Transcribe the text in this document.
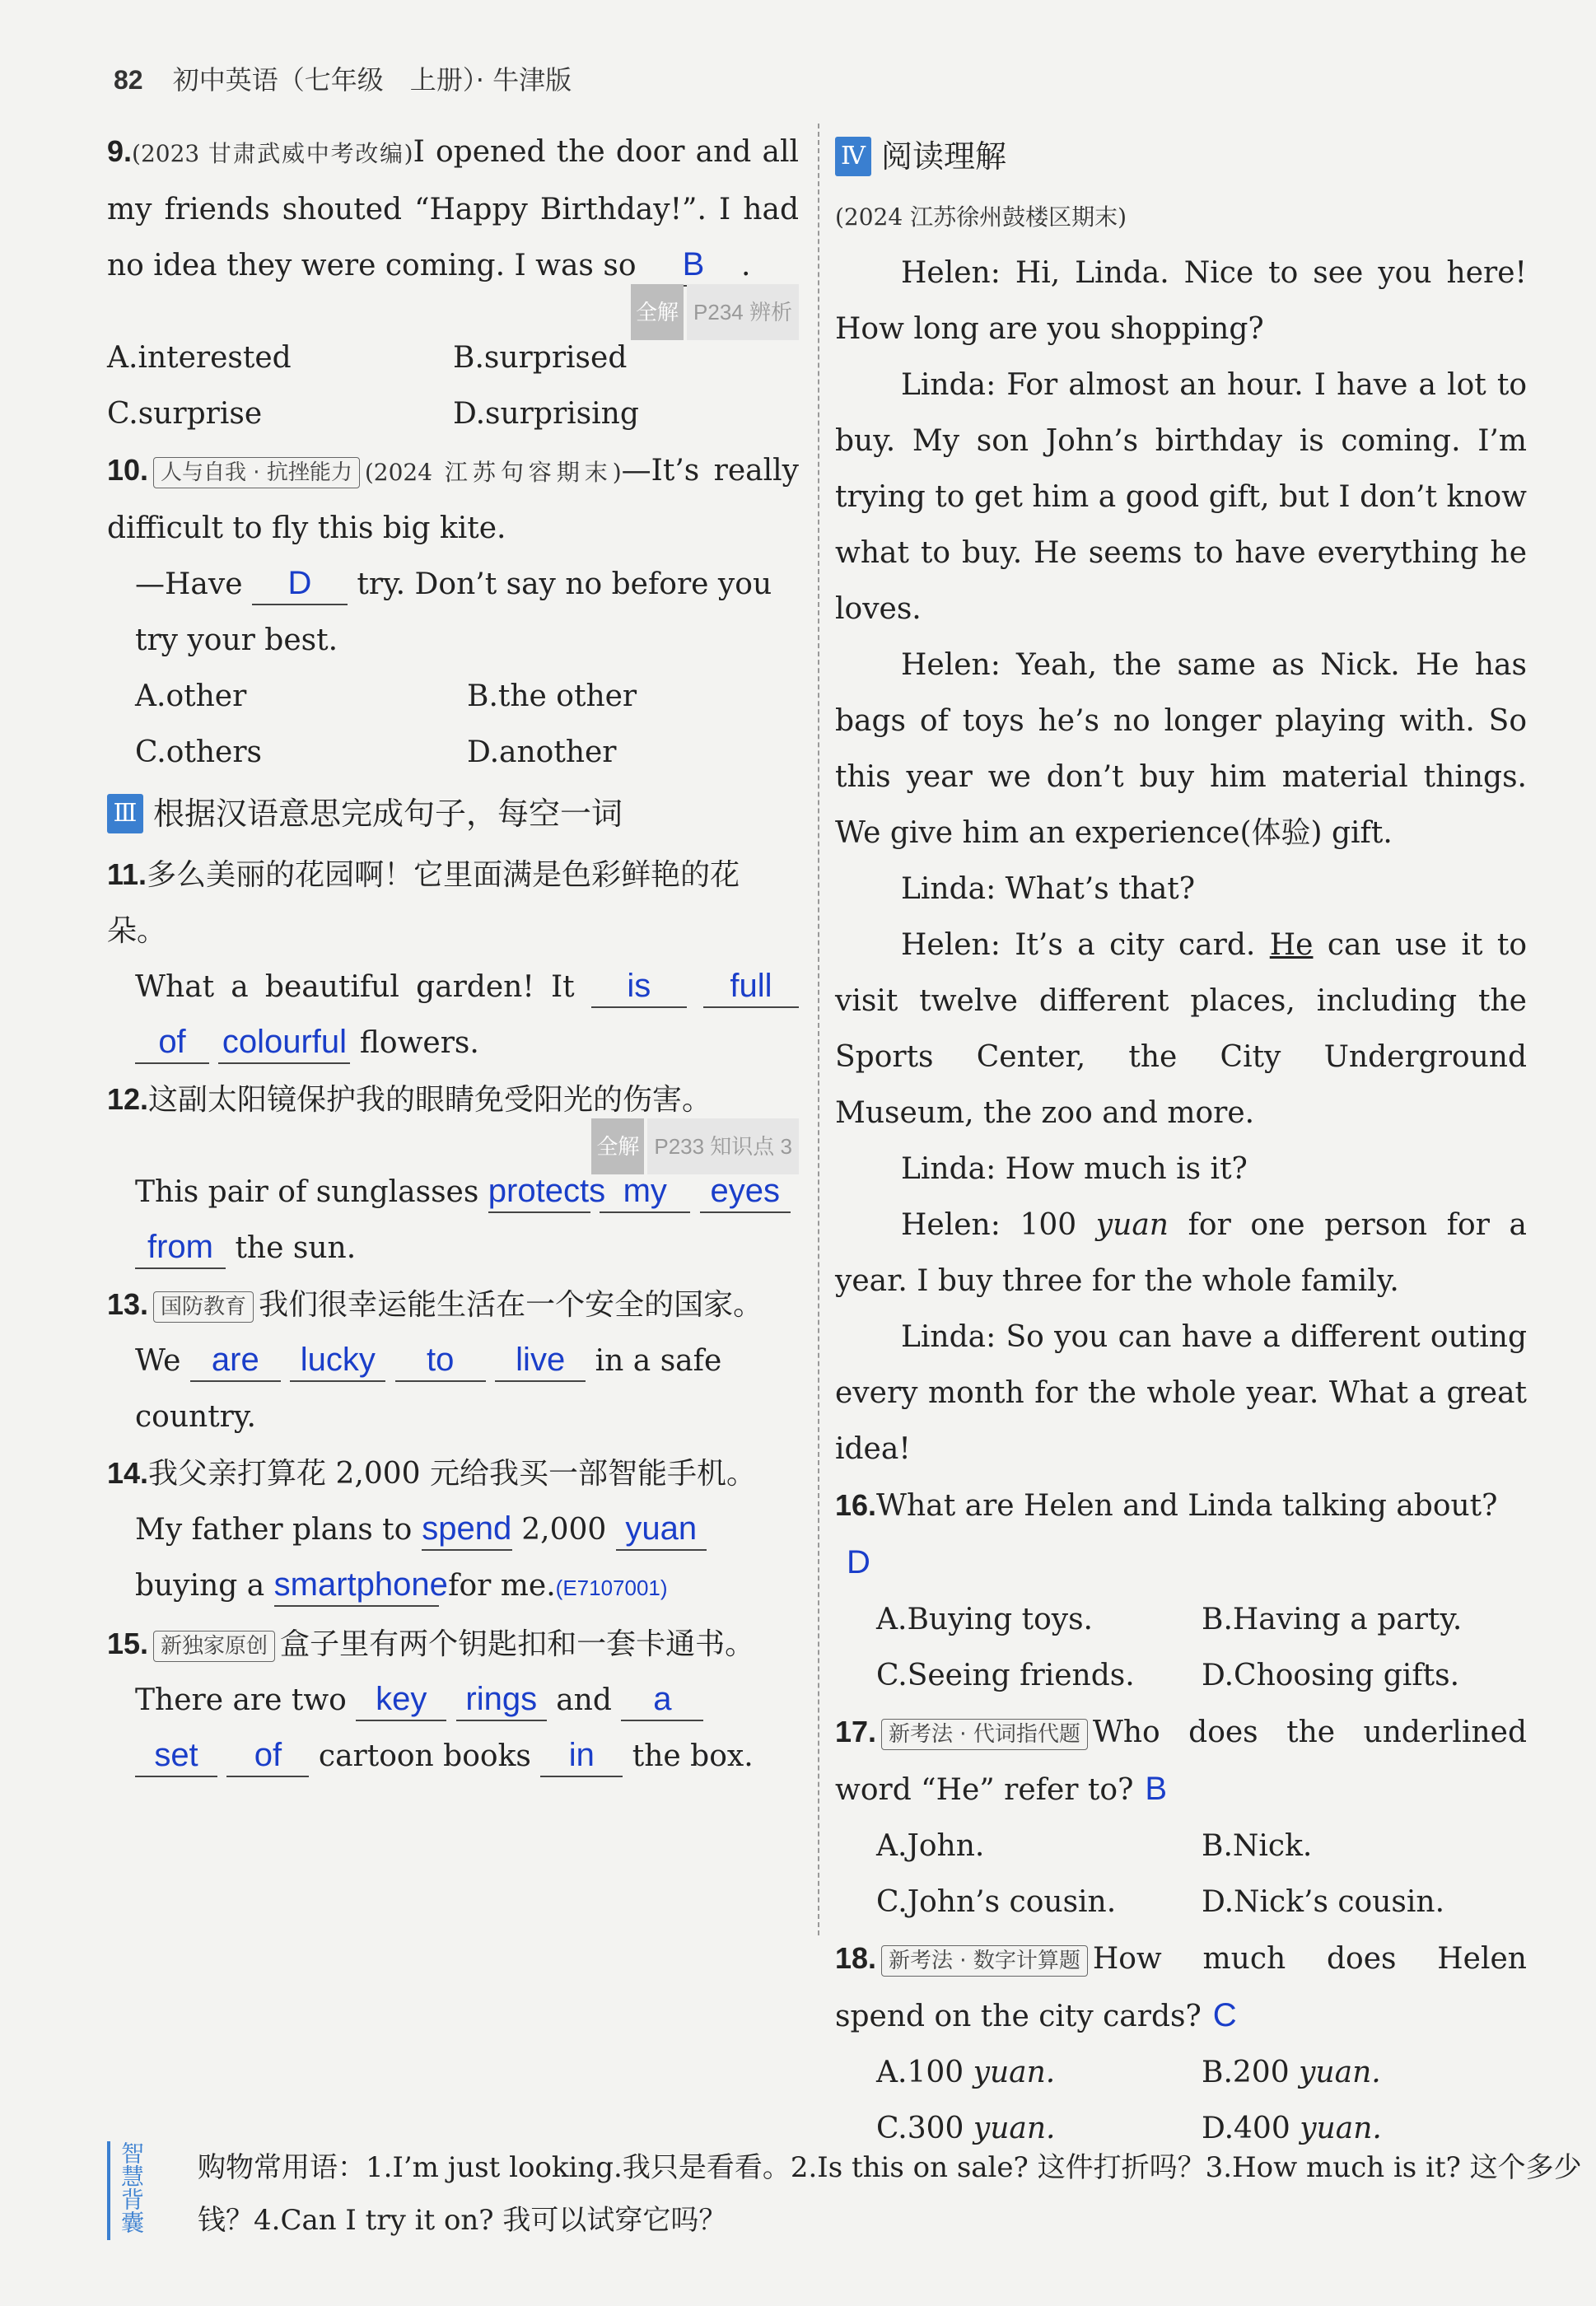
82 初中英语（七年级　上册）· 牛津版

9.(2023 甘肃武威中考改编)I opened the door and all my friends shouted “Happy Birthday!”. I had no idea they were coming. I was so B .

全解 P234 辨析
A.interested	B.surprised
C.surprise	D.surprising

10. 人与自我 · 抗挫能力 (2024 江苏句容期末)—It’s really difficult to fly this big kite.

—Have D try. Don’t say no before you try your best.

A.other	B.the other
C.others	D.another
Ⅲ 根据汉语意思完成句子，每空一词

11.多么美丽的花园啊！它里面满是色彩鲜艳的花朵。

What a beautiful garden! It is full of colourful flowers.

12.这副太阳镜保护我的眼睛免受阳光的伤害。

全解 P233 知识点 3

This pair of sunglasses protects my eyes
from the sun.

13. 国防教育 我们很幸运能生活在一个安全的国家。

We are lucky to live in a safe country.

14.我父亲打算花 2,000 元给我买一部智能手机。

My father plans to spend 2,000 yuan
buying a smartphone for me.(E7107001)

15. 新独家原创 盒子里有两个钥匙扣和一套卡通书。

There are two key rings and a
set of cartoon books in the box.

Ⅳ 阅读理解

(2024 江苏徐州鼓楼区期末)

Helen: Hi, Linda. Nice to see you here! How long are you shopping?

Linda: For almost an hour. I have a lot to buy. My son John’s birthday is coming. I’m trying to get him a good gift, but I don’t know what to buy. He seems to have everything he loves.

Helen: Yeah, the same as Nick. He has bags of toys he’s no longer playing with. So this year we don’t buy him material things. We give him an experience(体验) gift.

Linda: What’s that?

Helen: It’s a city card. He can use it to visit twelve different places, including the Sports Center, the City Underground Museum, the zoo and more.

Linda: How much is it?

Helen: 100 yuan for one person for a year. I buy three for the whole family.

Linda: So you can have a different outing every month for the whole year. What a great idea!

16.What are Helen and Linda talking about?D

A.Buying toys.	B.Having a party.
C.Seeing friends.	D.Choosing gifts.

17. 新考法 · 代词指代题 Who does the underlined word “He” refer to? B

A.John.	B.Nick.
C.John’s cousin.	D.Nick’s cousin.

18. 新考法 · 数字计算题 How much does Helen spend on the city cards? C

A.100 yuan.	B.200 yuan.
C.300 yuan.	D.400 yuan.
智慧背囊 购物常用语：1.I’m just looking.我只是看看。2.Is this on sale? 这件打折吗？3.How much is it? 这个多少钱？4.Can I try it on? 我可以试穿它吗？
